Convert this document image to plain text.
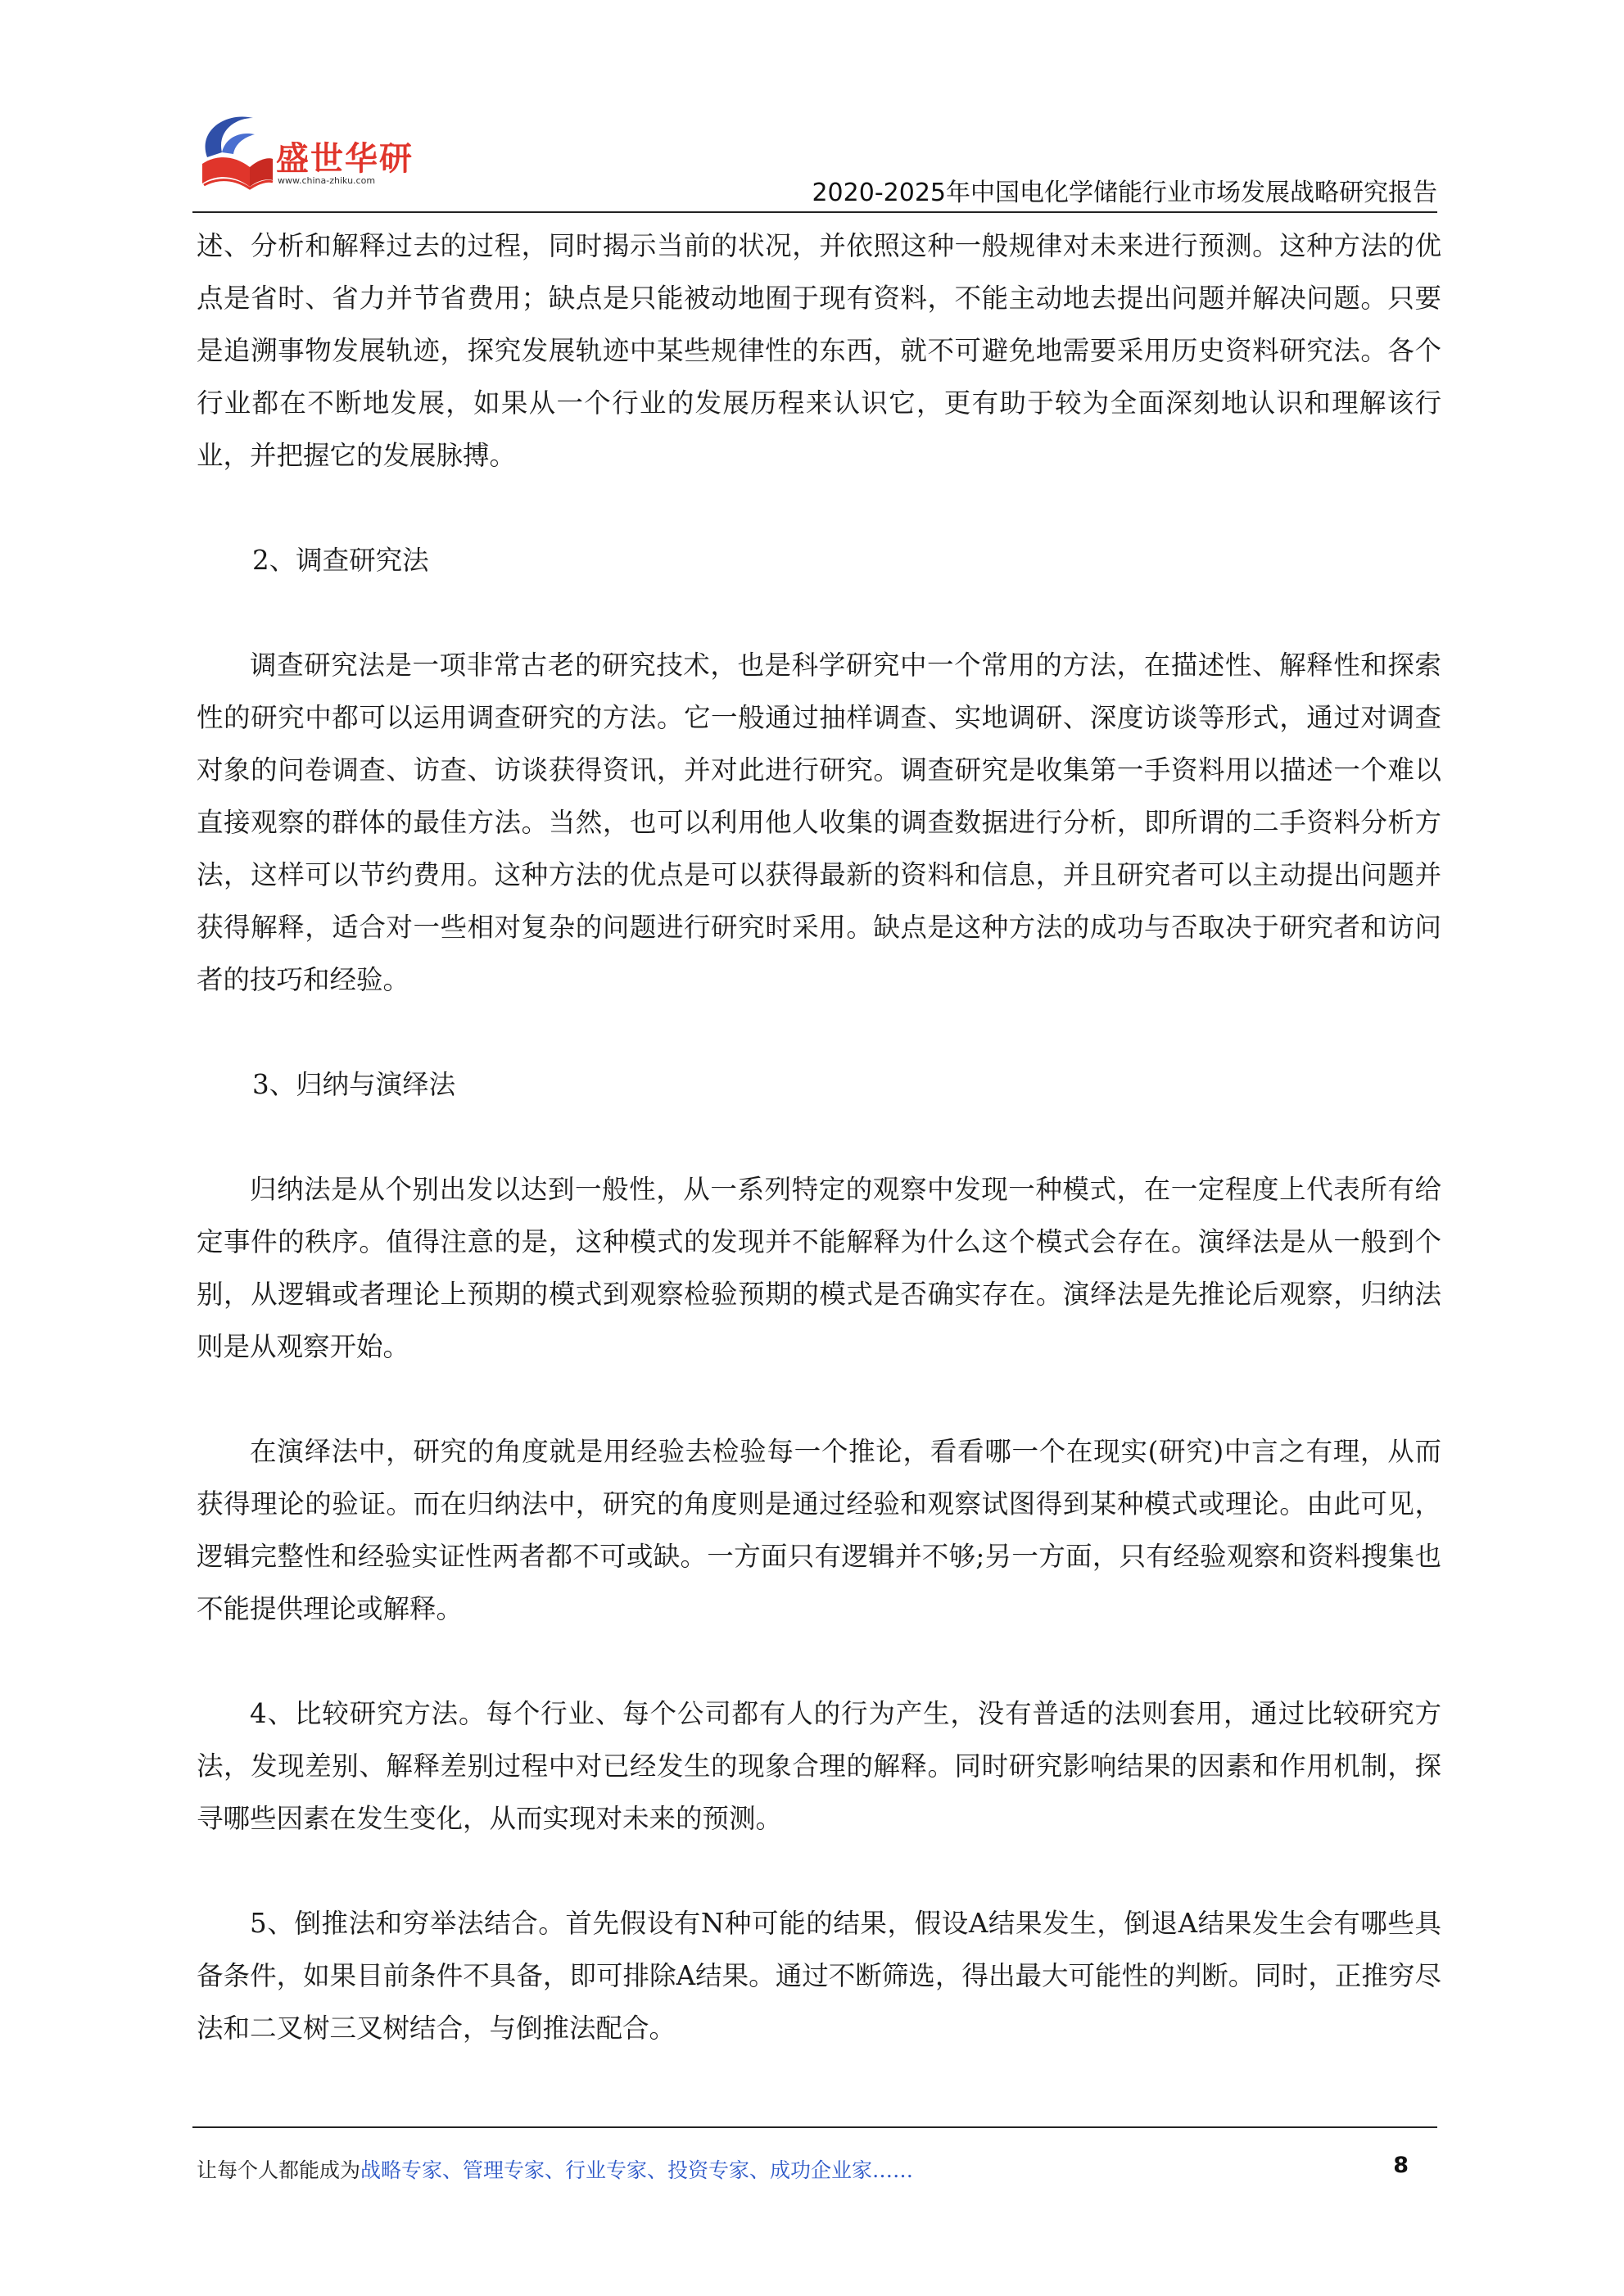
盛世华研
www.china-zhiku.com	2020-2025年中国电化学储能行业市场发展战略研究报告

述、分析和解释过去的过程，同时揭示当前的状况，并依照这种一般规律对未来进行预测。这种方法的优点是省时、省力并节省费用；缺点是只能被动地囿于现有资料，不能主动地去提出问题并解决问题。只要是追溯事物发展轨迹，探究发展轨迹中某些规律性的东西，就不可避免地需要采用历史资料研究法。各个行业都在不断地发展，如果从一个行业的发展历程来认识它，更有助于较为全面深刻地认识和理解该行业，并把握它的发展脉搏。

2、调查研究法

调查研究法是一项非常古老的研究技术，也是科学研究中一个常用的方法，在描述性、解释性和探索性的研究中都可以运用调查研究的方法。它一般通过抽样调查、实地调研、深度访谈等形式，通过对调查对象的问卷调查、访查、访谈获得资讯，并对此进行研究。调查研究是收集第一手资料用以描述一个难以直接观察的群体的最佳方法。当然，也可以利用他人收集的调查数据进行分析，即所谓的二手资料分析方法，这样可以节约费用。这种方法的优点是可以获得最新的资料和信息，并且研究者可以主动提出问题并获得解释，适合对一些相对复杂的问题进行研究时采用。缺点是这种方法的成功与否取决于研究者和访问者的技巧和经验。

3、归纳与演绎法

归纳法是从个别出发以达到一般性，从一系列特定的观察中发现一种模式，在一定程度上代表所有给定事件的秩序。值得注意的是，这种模式的发现并不能解释为什么这个模式会存在。演绎法是从一般到个别，从逻辑或者理论上预期的模式到观察检验预期的模式是否确实存在。演绎法是先推论后观察，归纳法则是从观察开始。

在演绎法中，研究的角度就是用经验去检验每一个推论，看看哪一个在现实(研究)中言之有理，从而获得理论的验证。而在归纳法中，研究的角度则是通过经验和观察试图得到某种模式或理论。由此可见，逻辑完整性和经验实证性两者都不可或缺。一方面只有逻辑并不够;另一方面，只有经验观察和资料搜集也不能提供理论或解释。

4、比较研究方法。每个行业、每个公司都有人的行为产生，没有普适的法则套用，通过比较研究方法，发现差别、解释差别过程中对已经发生的现象合理的解释。同时研究影响结果的因素和作用机制，探寻哪些因素在发生变化，从而实现对未来的预测。

5、倒推法和穷举法结合。首先假设有N种可能的结果，假设A结果发生，倒退A结果发生会有哪些具备条件，如果目前条件不具备，即可排除A结果。通过不断筛选，得出最大可能性的判断。同时，正推穷尽法和二叉树三叉树结合，与倒推法配合。

让每个人都能成为战略专家、管理专家、行业专家、投资专家、成功企业家……	8
